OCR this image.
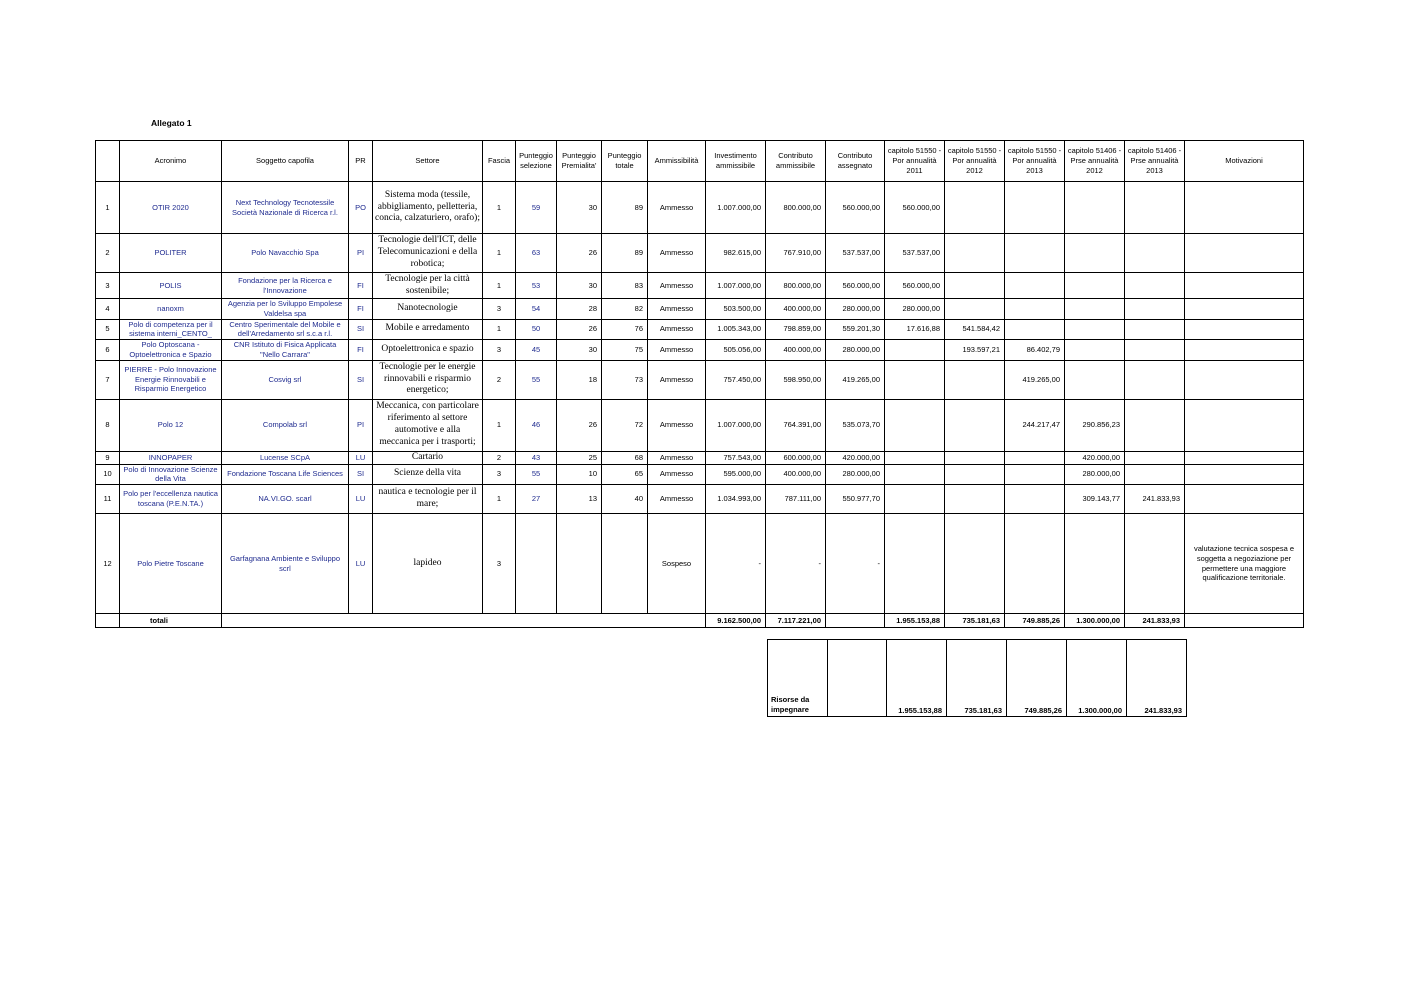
Allegato 1
	Acronimo	Soggetto capofila	PR	Settore	Fascia	Punteggio selezione	Punteggio Premialita'	Punteggio totale	Ammissibilità	Investimento ammissibile	Contributo ammissibile	Contributo assegnato	capitolo 51550 - Por annualità 2011	capitolo 51550 - Por annualità 2012	capitolo 51550 - Por annualità 2013	capitolo 51406 - Prse annualità 2012	capitolo 51406 - Prse annualità 2013	Motivazioni
1	OTIR 2020	Next Technology Tecnotessile Società Nazionale di Ricerca r.l.	PO	Sistema moda (tessile, abbigliamento, pelletteria, concia, calzaturiero, orafo);	1	59	30	89	Ammesso	1.007.000,00	800.000,00	560.000,00	560.000,00					
2	POLITER	Polo Navacchio Spa	PI	Tecnologie dell'ICT, delle Telecomunicazioni e della robotica;	1	63	26	89	Ammesso	982.615,00	767.910,00	537.537,00	537.537,00					
3	POLIS	Fondazione per la Ricerca e l'Innovazione	FI	Tecnologie per la città sostenibile;	1	53	30	83	Ammesso	1.007.000,00	800.000,00	560.000,00	560.000,00					
4	nanoxm	Agenzia per lo Sviluppo Empolese Valdelsa spa	FI	Nanotecnologie	3	54	28	82	Ammesso	503.500,00	400.000,00	280.000,00	280.000,00					
5	Polo di competenza per il sistema interni_CENTO_	Centro Sperimentale del Mobile e dell'Arredamento srl s.c.a r.l.	SI	Mobile e arredamento	1	50	26	76	Ammesso	1.005.343,00	798.859,00	559.201,30	17.616,88	541.584,42				
6	Polo Optoscana - Optoelettronica e Spazio	CNR Istituto di Fisica Applicata "Nello Carrara"	FI	Optoelettronica e spazio	3	45	30	75	Ammesso	505.056,00	400.000,00	280.000,00		193.597,21	86.402,79			
7	PIERRE - Polo Innovazione Energie Rinnovabili e Risparmio Energetico	Cosvig srl	SI	Tecnologie per le energie rinnovabili e risparmio energetico;	2	55	18	73	Ammesso	757.450,00	598.950,00	419.265,00			419.265,00			
8	Polo 12	Compolab srl	PI	Meccanica, con particolare riferimento al settore automotive e alla meccanica per i trasporti;	1	46	26	72	Ammesso	1.007.000,00	764.391,00	535.073,70			244.217,47	290.856,23		
9	INNOPAPER	Lucense SCpA	LU	Cartario	2	43	25	68	Ammesso	757.543,00	600.000,00	420.000,00				420.000,00		
10	Polo di Innovazione Scienze della Vita	Fondazione Toscana Life Sciences	SI	Scienze della vita	3	55	10	65	Ammesso	595.000,00	400.000,00	280.000,00				280.000,00		
11	Polo per l'eccellenza nautica toscana (P.E.N.TA.)	NA.VI.GO. scarl	LU	nautica e tecnologie per il mare;	1	27	13	40	Ammesso	1.034.993,00	787.111,00	550.977,70				309.143,77	241.833,93	
12	Polo Pietre Toscane	Garfagnana Ambiente e Sviluppo scrl	LU	lapideo	3				Sospeso	-	-	-						valutazione tecnica sospesa e soggetta a negoziazione per permettere una maggiore qualificazione territoriale.
	totali									9.162.500,00	7.117.221,00		1.955.153,88	735.181,63	749.885,26	1.300.000,00	241.833,93	
Risorse da impegnare		1.955.153,88	735.181,63	749.885,26	1.300.000,00	241.833,93
